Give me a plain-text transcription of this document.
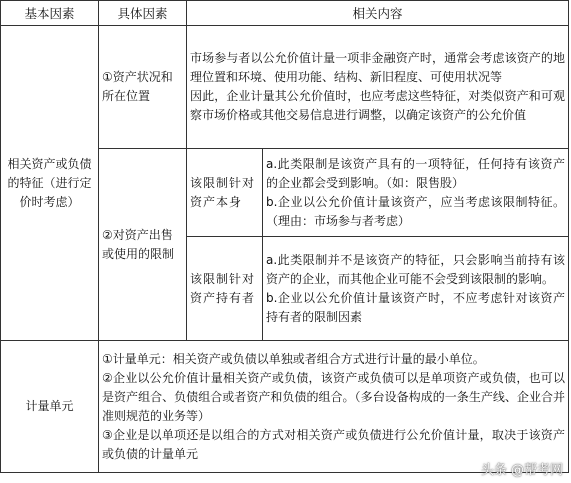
基本因素	具体因素	相关内容	
相关资产或负债的特征（进行定价时考虑）	①资产状况和所在位置	市场参与者以公允价值计量一项非金融资产时，通常会考虑该资产的地理位置和环境、使用功能、结构、新旧程度、可使用状况等
因此，企业计量其公允价值时，也应考虑这些特征，对类似资产和可观察市场价格或其他交易信息进行调整，以确定该资产的公允价值	

	②对资产出售或使用的限制	该限制针对资产本身	a.此类限制是该资产具有的一项特征，任何持有该资产的企业都会受到影响。（如：限售股）
b.企业以公允价值计量该资产，应当考虑该限制特征。（理由：市场参与者考虑）

		该限制针对资产持有者	a.此类限制并不是该资产的特征，只会影响当前持有该资产的企业，而其他企业可能不会受到该限制的影响。
b.企业以公允价值计量该资产时，不应考虑针对该资产持有者的限制因素

计量单元	①计量单元：相关资产或负债以单独或者组合方式进行计量的最小单位。
②企业以公允价值计量相关资产或负债，该资产或负债可以是单项资产或负债，也可以是资产组合、负债组合或者资产和负债的组合。（多台设备构成的一条生产线、企业合并准则规范的业务等）
③企业是以单项还是以组合的方式对相关资产或负债进行公允价值计量，取决于该资产或负债的计量单元		
头条 @帮考网
